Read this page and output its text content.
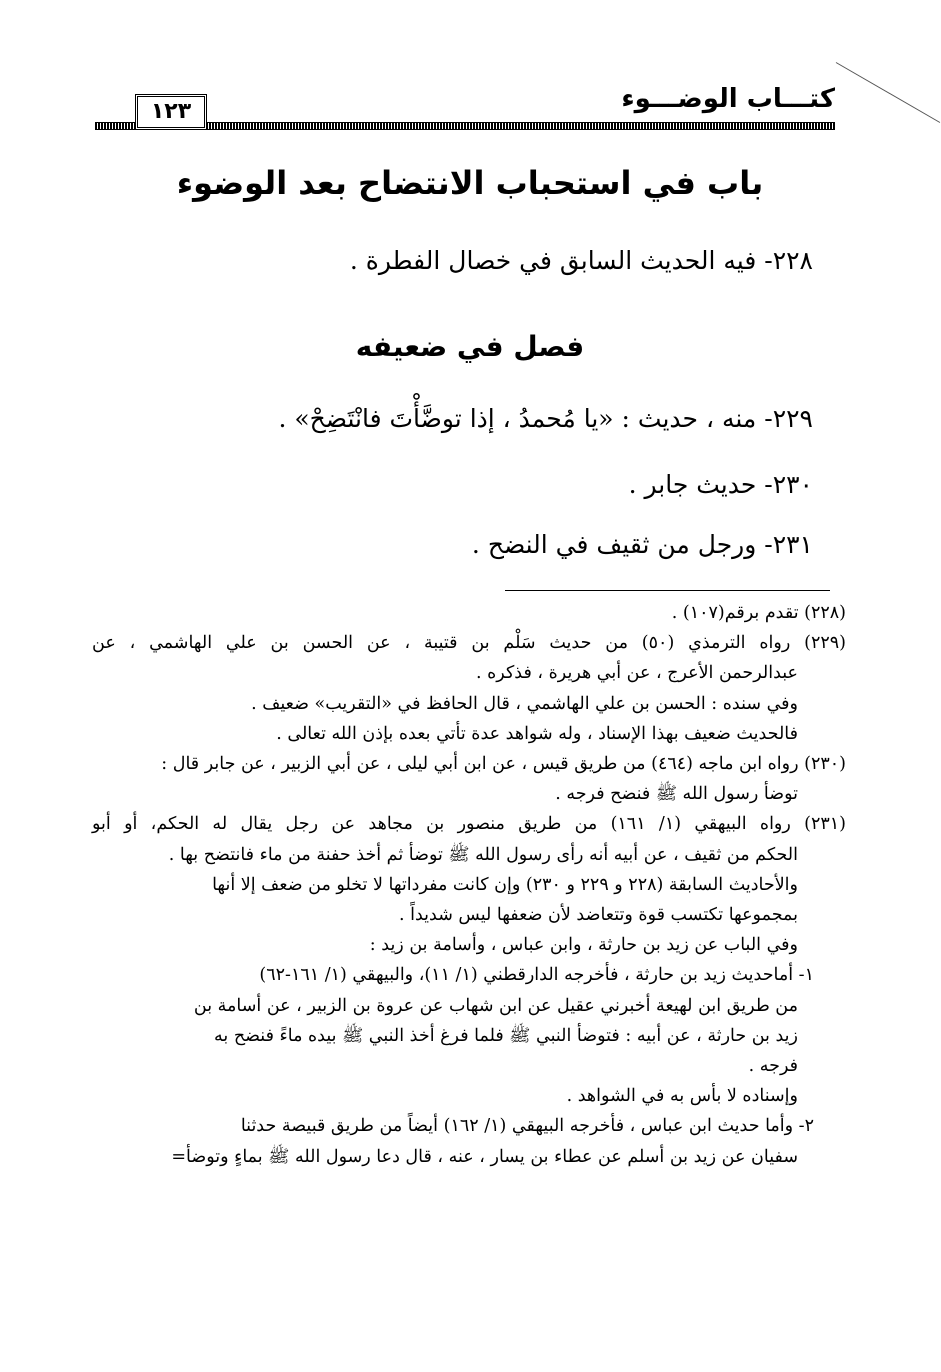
كتـــاب الوضـــوء
١٢٣
باب في استحباب الانتضاح بعد الوضوء
٢٢٨- فيه الحديث السابق في خصال الفطرة .
فصل في ضعيفه
٢٢٩- منه ، حديث : «يا مُحمدُ ، إذا توضَّأْتَ فانْتَضِحْ» .
٢٣٠- حديث جابر .
٢٣١- ورجل من ثقيف في النضح .
(٢٢٨) تقدم برقم(١٠٧) .
(٢٢٩) رواه الترمذي (٥٠) من حديث سَلْم بن قتيبة ، عن الحسن بن علي الهاشمي ، عن
عبدالرحمن الأعرج ، عن أبي هريرة ، فذكره .
وفي سنده : الحسن بن علي الهاشمي ، قال الحافظ في «التقريب» ضعيف .
فالحديث ضعيف بهذا الإسناد ، وله شواهد عدة تأتي بعده بإذن الله تعالى .
(٢٣٠) رواه ابن ماجه (٤٦٤) من طريق قيس ، عن ابن أبي ليلى ، عن أبي الزبير ، عن جابر قال :
توضأ رسول الله ﷺ فنضح فرجه .
(٢٣١) رواه البيهقي (١/ ١٦١) من طريق منصور بن مجاهد عن رجل يقال له الحكم، أو أبو
الحكم من ثقيف ، عن أبيه أنه رأى رسول الله ﷺ توضأ ثم أخذ حفنة من ماء فانتضح بها .
والأحاديث السابقة (٢٢٨ و ٢٢٩ و ٢٣٠) وإن كانت مفرداتها لا تخلو من ضعف إلا أنها
بمجموعها تكتسب قوة وتتعاضد لأن ضعفها ليس شديداً .
وفي الباب عن زيد بن حارثة ، وابن عباس ، وأسامة بن زيد :
١- أماحديث زيد بن حارثة ، فأخرجه الدارقطني (١/ ١١)، والبيهقي (١/ ١٦١-٦٢)
من طريق ابن لهيعة أخبرني عقيل عن ابن شهاب عن عروة بن الزبير ، عن أسامة بن
زيد بن حارثة ، عن أبيه : فتوضأ النبي ﷺ فلما فرغ أخذ النبي ﷺ بيده ماءً فنضح به
فرجه .
وإسناده لا بأس به في الشواهد .
٢- وأما حديث ابن عباس ، فأخرجه البيهقي (١/ ١٦٢) أيضاً من طريق قبيصة حدثنا
سفيان عن زيد بن أسلم عن عطاء بن يسار ، عنه ، قال دعا رسول الله ﷺ بماءٍ وتوضأ=
